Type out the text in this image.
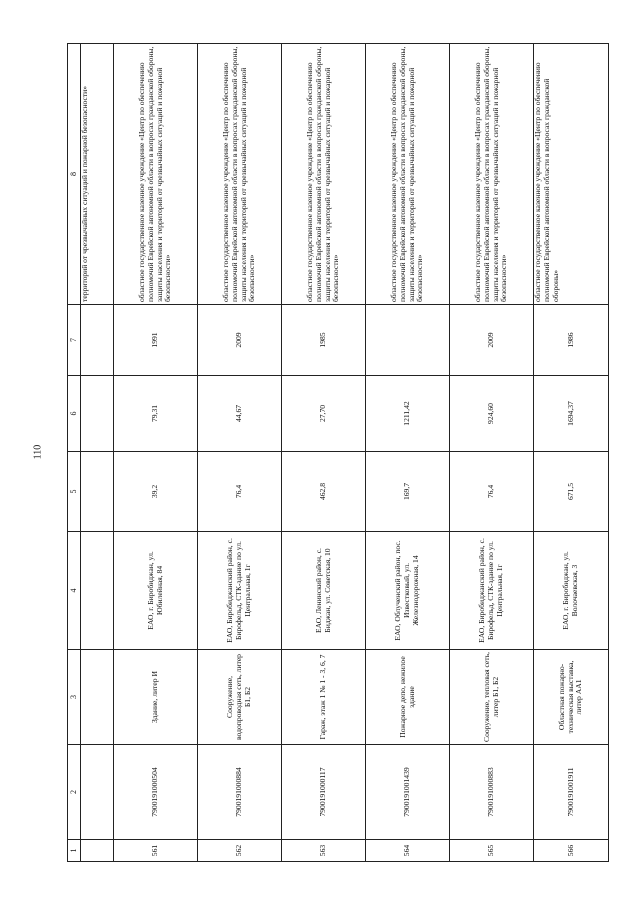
110
1	2	3	4	5	6	7	8
							территорий от чрезвычайных ситуаций и пожарной безопасности»
561	7900191000504	Здание, литер И	ЕАО, г. Биробиджан, ул. Юбилейная, 84	39,2	79,31	1991	областное государственное казенное учреждение «Центр по обеспечению полномочий Еврейской автономной области в вопросах гражданской обороны, защиты населения и территорий от чрезвычайных ситуаций и пожарной безопасности»
562	7900191000884	Сооружение, водопроводная сеть, литер Б1, Б2	ЕАО, Биробиджанский район, с. Бирофельд, СТК-здание по ул. Центральная, 1г	76,4	44,67	2009	областное государственное казенное учреждение «Центр по обеспечению полномочий Еврейской автономной области в вопросах гражданской обороны, защиты населения и территорий от чрезвычайных ситуаций и пожарной безопасности»
563	7900191000117	Гараж, этаж 1 № 1 - 3, 6, 7	ЕАО, Ленинский район, с. Биджан, ул. Советская, 10	462,8	27,70	1985	областное государственное казенное учреждение «Центр по обеспечению полномочий Еврейской автономной области в вопросах гражданской обороны, защиты населения и территорий от чрезвычайных ситуаций и пожарной безопасности»
564	7900191001439	Пожарное депо, нежилое здание	ЕАО, Облученский район, пос. Известковый, ул. Железнодорожная, 14	169,7	1211,42		областное государственное казенное учреждение «Центр по обеспечению полномочий Еврейской автономной области в вопросах гражданской обороны, защиты населения и территорий от чрезвычайных ситуаций и пожарной безопасности»
565	7900191000883	Сооружение, тепловая сеть, литер Б1, Б2	ЕАО, Биробиджанский район, с. Бирофельд, СТК-здание по ул. Центральная, 1г	76,4	924,60	2009	областное государственное казенное учреждение «Центр по обеспечению полномочий Еврейской автономной области в вопросах гражданской обороны, защиты населения и территорий от чрезвычайных ситуаций и пожарной безопасности»
566	7900191001911	Областная пожарно-техническая выставка, литер АА1	ЕАО, г. Биробиджан, ул. Волочаевская, 3	671,5	1694,37	1986	областное государственное казенное учреждение «Центр по обеспечению полномочий Еврейской автономной области в вопросах гражданской обороны»
